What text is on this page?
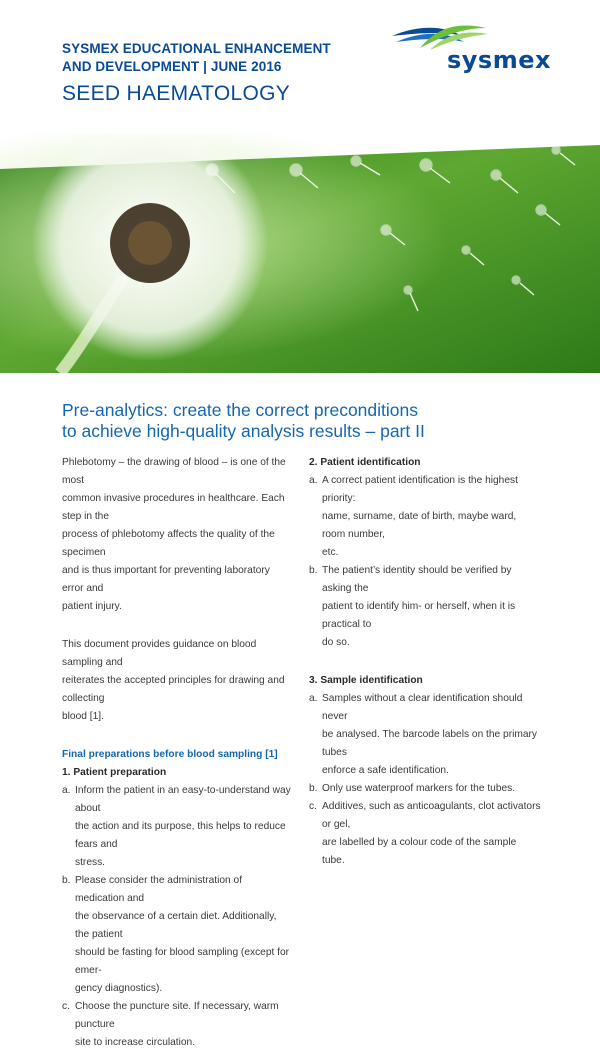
SYSMEX EDUCATIONAL ENHANCEMENT
AND DEVELOPMENT | JUNE 2016
SEED HAEMATOLOGY
sysmex
Pre-analytics: create the correct preconditions
to achieve high-quality analysis results – part II

Phlebotomy – the drawing of blood – is one of the most
common invasive procedures in healthcare. Each step in the
process of phlebotomy affects the quality of the specimen
and is thus important for preventing laboratory error and
patient injury.

This document provides guidance on blood sampling and
reiterates the accepted principles for drawing and collecting
blood [1].

Final preparations before blood sampling [1]

1. Patient preparation

a. Inform the patient in an easy-to-understand way about
the action and its purpose, this helps to reduce fears and
stress.
b. Please consider the administration of medication and
the observance of a certain diet. Additionally, the patient
should be fasting for blood sampling (except for emer-
gency diagnostics).
c. Choose the puncture site. If necessary, warm puncture
site to increase circulation.

2. Patient identification

a. A correct patient identification is the highest priority:
name, surname, date of birth, maybe ward, room number,
etc.
b. The patient’s identity should be verified by asking the
patient to identify him- or herself, when it is practical to
do so.

3. Sample identification

a. Samples without a clear identification should never
be analysed. The barcode labels on the primary tubes
enforce a safe identification.
b. Only use waterproof markers for the tubes.
c. Additives, such as anticoagulants, clot activators or gel,
are labelled by a colour code of the sample tube.
